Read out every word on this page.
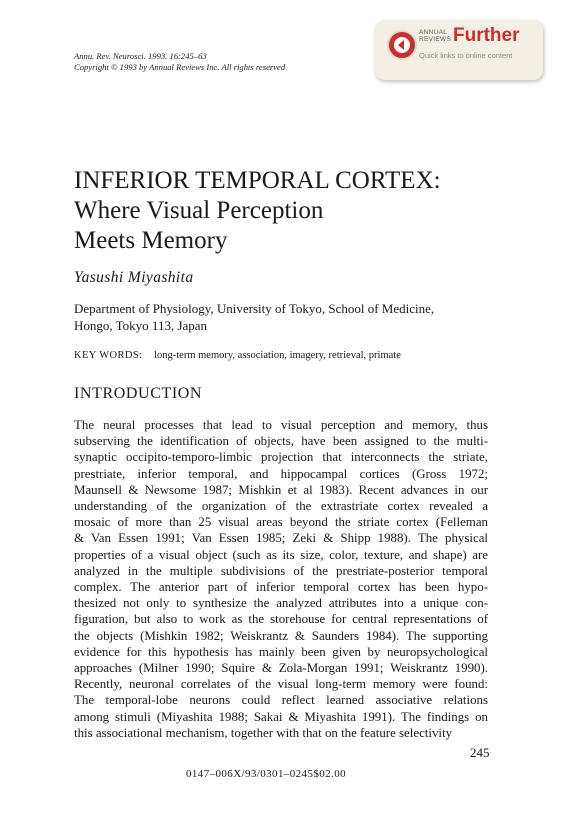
Annu. Rev. Neurosci. 1993. 16:245–63
Copyright © 1993 by Annual Reviews Inc. All rights reserved
ANNUAL
REVIEWS Further
Quick links to online content
INFERIOR TEMPORAL CORTEX:
Where Visual Perception
Meets Memory
Yasushi Miyashita
Department of Physiology, University of Tokyo, School of Medicine,
Hongo, Tokyo 113, Japan
KEY WORDS: long-term memory, association, imagery, retrieval, primate
INTRODUCTION
The neural processes that lead to visual perception and memory, thus
subserving the identification of objects, have been assigned to the multi-
synaptic occipito-temporo-limbic projection that interconnects the striate,
prestriate, inferior temporal, and hippocampal cortices (Gross 1972;
Maunsell & Newsome 1987; Mishkin et al 1983). Recent advances in our
understanding of the organization of the extrastriate cortex revealed a
mosaic of more than 25 visual areas beyond the striate cortex (Felleman
& Van Essen 1991; Van Essen 1985; Zeki & Shipp 1988). The physical
properties of a visual object (such as its size, color, texture, and shape) are
analyzed in the multiple subdivisions of the prestriate-posterior temporal
complex. The anterior part of inferior temporal cortex has been hypo-
thesized not only to synthesize the analyzed attributes into a unique con-
figuration, but also to work as the storehouse for central representations of
the objects (Mishkin 1982; Weiskrantz & Saunders 1984). The supporting
evidence for this hypothesis has mainly been given by neuropsychological
approaches (Milner 1990; Squire & Zola-Morgan 1991; Weiskrantz 1990).
Recently, neuronal correlates of the visual long-term memory were found:
The temporal-lobe neurons could reflect learned associative relations
among stimuli (Miyashita 1988; Sakai & Miyashita 1991). The findings on
this associational mechanism, together with that on the feature selectivity
245
0147–006X/93/0301–0245$02.00
